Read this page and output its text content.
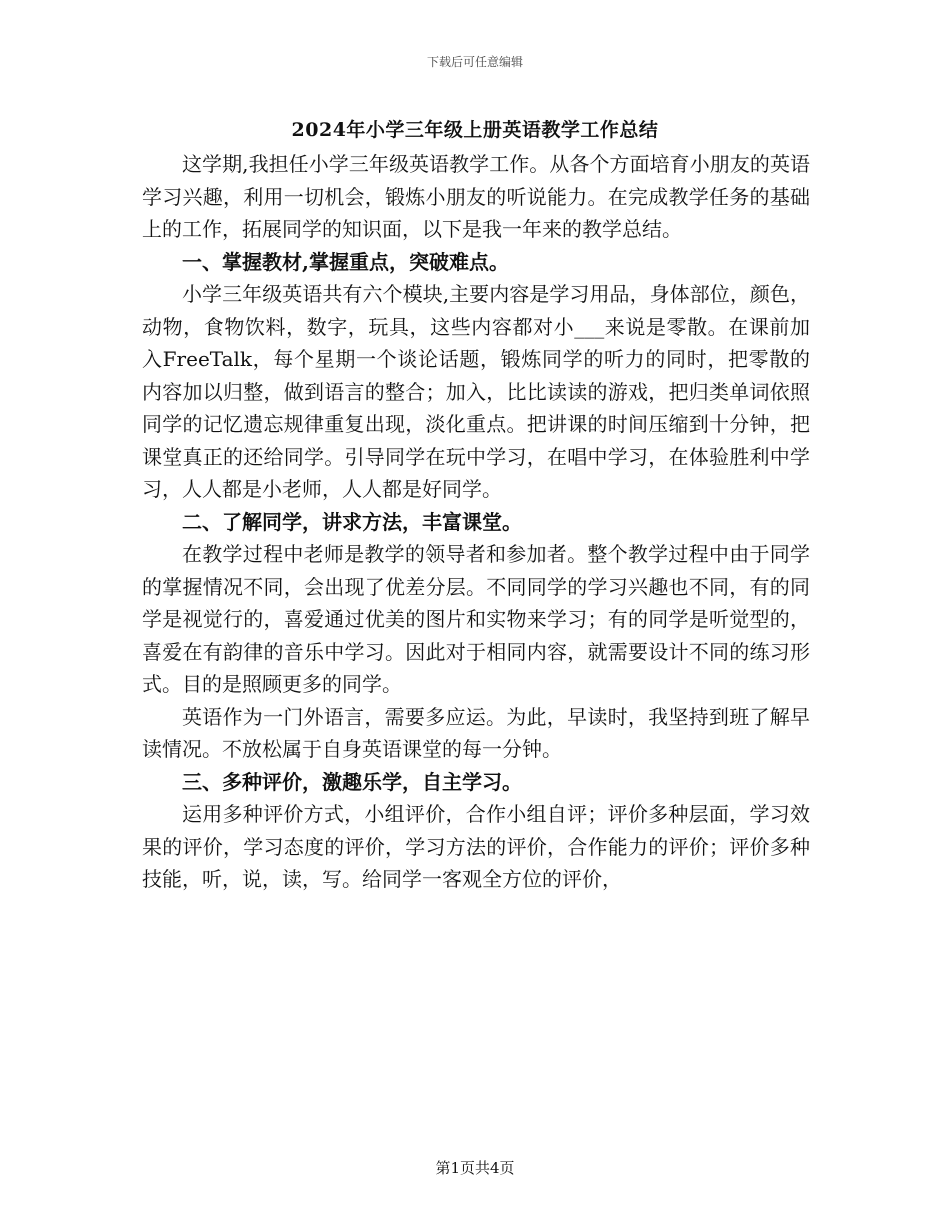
下载后可任意编辑
2024年小学三年级上册英语教学工作总结

这学期,我担任小学三年级英语教学工作。从各个方面培育小朋友的英语学习兴趣，利用一切机会，锻炼小朋友的听说能力。在完成教学任务的基础上的工作，拓展同学的知识面，以下是我一年来的教学总结。

一、掌握教材,掌握重点，突破难点。

小学三年级英语共有六个模块,主要内容是学习用品，身体部位，颜色，动物，食物饮料，数字，玩具，这些内容都对小___来说是零散。在课前加入FreeTalk，每个星期一个谈论话题，锻炼同学的听力的同时，把零散的内容加以归整，做到语言的整合；加入，比比读读的游戏，把归类单词依照同学的记忆遗忘规律重复出现，淡化重点。把讲课的时间压缩到十分钟，把课堂真正的还给同学。引导同学在玩中学习，在唱中学习，在体验胜利中学习，人人都是小老师，人人都是好同学。

二、了解同学，讲求方法，丰富课堂。

在教学过程中老师是教学的领导者和参加者。整个教学过程中由于同学的掌握情况不同，会出现了优差分层。不同同学的学习兴趣也不同，有的同学是视觉行的，喜爱通过优美的图片和实物来学习；有的同学是听觉型的，喜爱在有韵律的音乐中学习。因此对于相同内容，就需要设计不同的练习形式。目的是照顾更多的同学。

英语作为一门外语言，需要多应运。为此，早读时，我坚持到班了解早读情况。不放松属于自身英语课堂的每一分钟。

三、多种评价，激趣乐学，自主学习。

运用多种评价方式，小组评价，合作小组自评；评价多种层面，学习效果的评价，学习态度的评价，学习方法的评价，合作能力的评价；评价多种技能，听，说，读，写。给同学一客观全方位的评价，

第1页共4页
